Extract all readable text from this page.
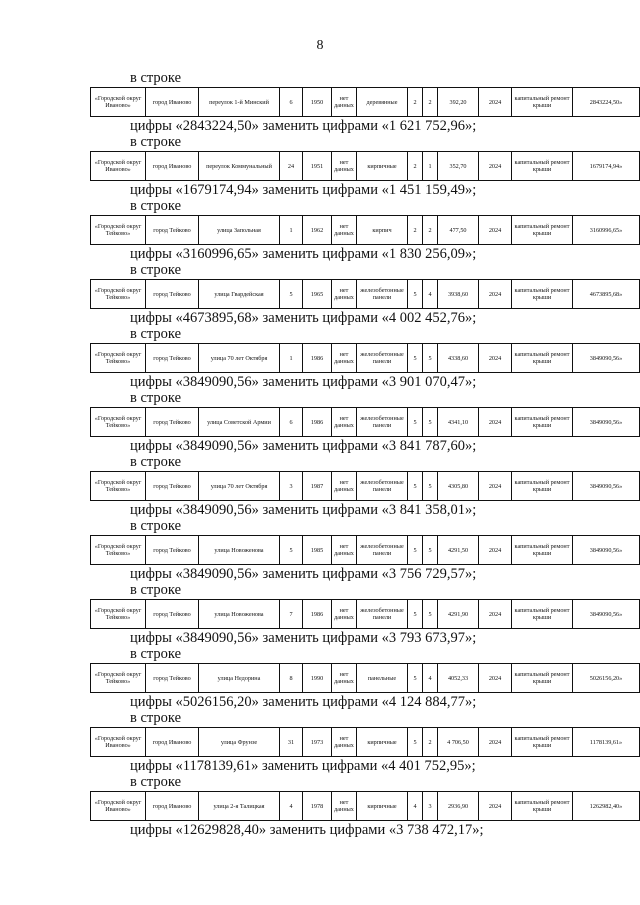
8
в строке
«Городской округ Иваново»	город Иваново	переулок 1-й Минский	6	1950	нет данных	деревянные	2	2	392,20	2024	капитальный ремонт крыши	2843224,50»
цифры «2843224,50» заменить цифрами «1 621 752,96»;
в строке
«Городской округ Иваново»	город Иваново	переулок Коммунальный	24	1951	нет данных	кирпичные	2	1	352,70	2024	капитальный ремонт крыши	1679174,94»
цифры «1679174,94» заменить цифрами «1 451 159,49»;
в строке
«Городской округ Тейково»	город Тейково	улица Запольная	1	1962	нет данных	кирпич	2	2	477,50	2024	капитальный ремонт крыши	3160996,65»
цифры «3160996,65» заменить цифрами «1 830 256,09»;
в строке
«Городской округ Тейково»	город Тейково	улица Гвардейская	5	1965	нет данных	железобетонные панели	5	4	3938,60	2024	капитальный ремонт крыши	4673895,68»
цифры «4673895,68» заменить цифрами «4 002 452,76»;
в строке
«Городской округ Тейково»	город Тейково	улица 70 лет Октября	1	1986	нет данных	железобетонные панели	5	5	4338,60	2024	капитальный ремонт крыши	3849090,56»
цифры «3849090,56» заменить цифрами «3 901 070,47»;
в строке
«Городской округ Тейково»	город Тейково	улица Советской Армии	6	1986	нет данных	железобетонные панели	5	5	4341,10	2024	капитальный ремонт крыши	3849090,56»
цифры «3849090,56» заменить цифрами «3 841 787,60»;
в строке
«Городской округ Тейково»	город Тейково	улица 70 лет Октября	3	1987	нет данных	железобетонные панели	5	5	4305,80	2024	капитальный ремонт крыши	3849090,56»
цифры «3849090,56» заменить цифрами «3 841 358,01»;
в строке
«Городской округ Тейково»	город Тейково	улица Новоженова	5	1985	нет данных	железобетонные панели	5	5	4291,50	2024	капитальный ремонт крыши	3849090,56»
цифры «3849090,56» заменить цифрами «3 756 729,57»;
в строке
«Городской округ Тейково»	город Тейково	улица Новоженова	7	1986	нет данных	железобетонные панели	5	5	4291,90	2024	капитальный ремонт крыши	3849090,56»
цифры «3849090,56» заменить цифрами «3 793 673,97»;
в строке
«Городской округ Тейково»	город Тейково	улица Недорина	8	1990	нет данных	панельные	5	4	4052,33	2024	капитальный ремонт крыши	5026156,20»
цифры «5026156,20» заменить цифрами «4 124 884,77»;
в строке
«Городской округ Иваново»	город Иваново	улица Фрунзе	31	1973	нет данных	кирпичные	5	2	4 706,50	2024	капитальный ремонт крыши	1178139,61»
цифры «1178139,61» заменить цифрами «4 401 752,95»;
в строке
«Городской округ Иваново»	город Иваново	улица 2-я Талицкая	4	1978	нет данных	кирпичные	4	3	2936,90	2024	капитальный ремонт крыши	1262982,40»
цифры «12629828,40» заменить цифрами «3 738 472,17»;
